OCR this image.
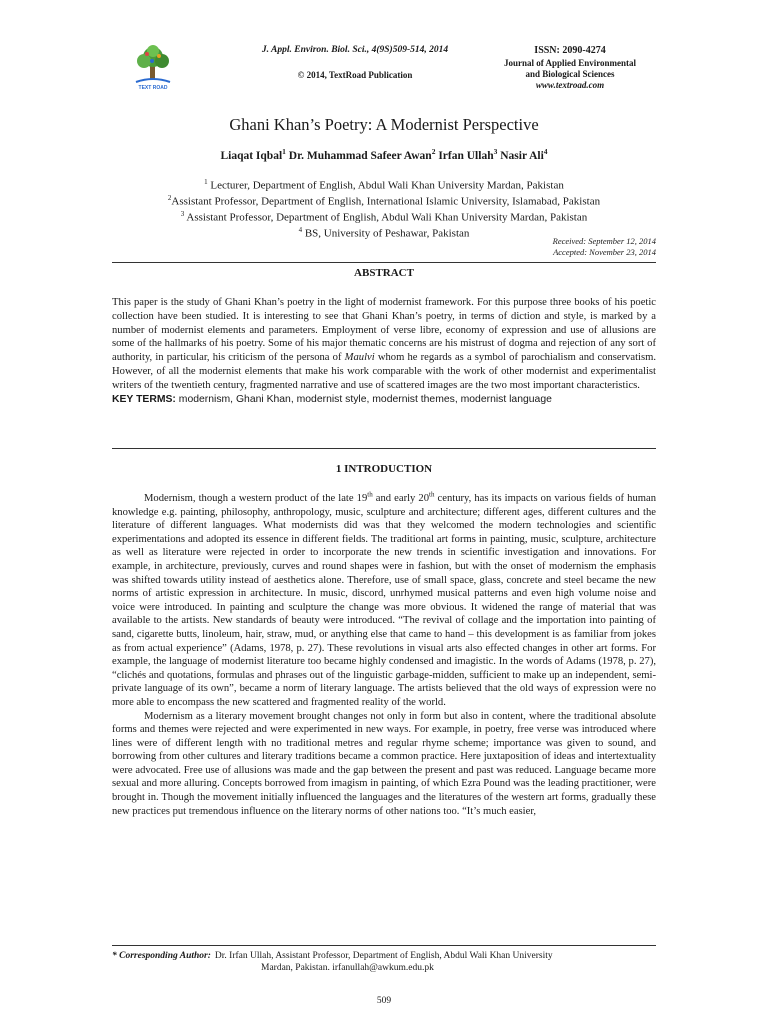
TEXT ROAD
J. Appl. Environ. Biol. Sci., 4(9S)509-514, 2014
© 2014, TextRoad Publication
ISSN: 2090-4274
Journal of Applied Environmental
and Biological Sciences
www.textroad.com
Ghani Khan’s Poetry: A Modernist Perspective
Liaqat Iqbal$^1$ Dr. Muhammad Safeer Awan$^2$ Irfan Ullah$^3$ Nasir Ali$^4$
$^1$ Lecturer, Department of English, Abdul Wali Khan University Mardan, Pakistan
$^2$Assistant Professor, Department of English, International Islamic University, Islamabad, Pakistan
$^3$ Assistant Professor, Department of English, Abdul Wali Khan University Mardan, Pakistan
$^4$ BS, University of Peshawar, Pakistan
Received: September 12, 2014
Accepted: November 23, 2014
ABSTRACT

This paper is the study of Ghani Khan’s poetry in the light of modernist framework. For this purpose three books of his poetic collection have been studied. It is interesting to see that Ghani Khan’s poetry, in terms of diction and style, is marked by a number of modernist elements and parameters. Employment of verse libre, economy of expression and use of allusions are some of the hallmarks of his poetry. Some of his major thematic concerns are his mistrust of dogma and rejection of any sort of authority, in particular, his criticism of the persona of Maulvi whom he regards as a symbol of parochialism and conservatism. However, of all the modernist elements that make his work comparable with the work of other modernist and experimentalist writers of the twentieth century, fragmented narrative and use of scattered images are the two most important characteristics.

KEY TERMS: modernism, Ghani Khan, modernist style, modernist themes, modernist language

1 INTRODUCTION

Modernism, though a western product of the late 19th and early 20th century, has its impacts on various fields of human knowledge e.g. painting, philosophy, anthropology, music, sculpture and architecture; different ages, different cultures and the literature of different languages. What modernists did was that they welcomed the modern technologies and scientific experimentations and adopted its essence in different fields. The traditional art forms in painting, music, sculpture, architecture as well as literature were rejected in order to incorporate the new trends in scientific investigation and innovations. For example, in architecture, previously, curves and round shapes were in fashion, but with the onset of modernism the emphasis was shifted towards utility instead of aesthetics alone. Therefore, use of small space, glass, concrete and steel became the new norms of artistic expression in architecture. In music, discord, unrhymed musical patterns and even high volume noise and voice were introduced. In painting and sculpture the change was more obvious. It widened the range of material that was available to the artists. New standards of beauty were introduced. “The revival of collage and the importation into painting of sand, cigarette butts, linoleum, hair, straw, mud, or anything else that came to hand – this development is as familiar from jokes as from actual experience” (Adams, 1978, p. 27). These revolutions in visual arts also effected changes in other art forms. For example, the language of modernist literature too became highly condensed and imagistic. In the words of Adams (1978, p. 27), “clichés and quotations, formulas and phrases out of the linguistic garbage-midden, sufficient to make up an independent, semi-private language of its own”, became a norm of literary language. The artists believed that the old ways of expression were no more able to encompass the new scattered and fragmented reality of the world.

Modernism as a literary movement brought changes not only in form but also in content, where the traditional absolute forms and themes were rejected and were experimented in new ways. For example, in poetry, free verse was introduced where lines were of different length with no traditional metres and regular rhyme scheme; importance was given to sound, and borrowing from other cultures and literary traditions became a common practice. Here juxtaposition of ideas and intertextuality were advocated. Free use of allusions was made and the gap between the present and past was reduced. Language became more sexual and more alluring. Concepts borrowed from imagism in painting, of which Ezra Pound was the leading practitioner, were brought in. Though the movement initially influenced the languages and the literatures of the western art forms, gradually these new practices put tremendous influence on the literary norms of other nations too. “It’s much easier,

* Corresponding Author: Dr. Irfan Ullah, Assistant Professor, Department of English, Abdul Wali Khan University
Mardan, Pakistan. irfanullah@awkum.edu.pk
509
